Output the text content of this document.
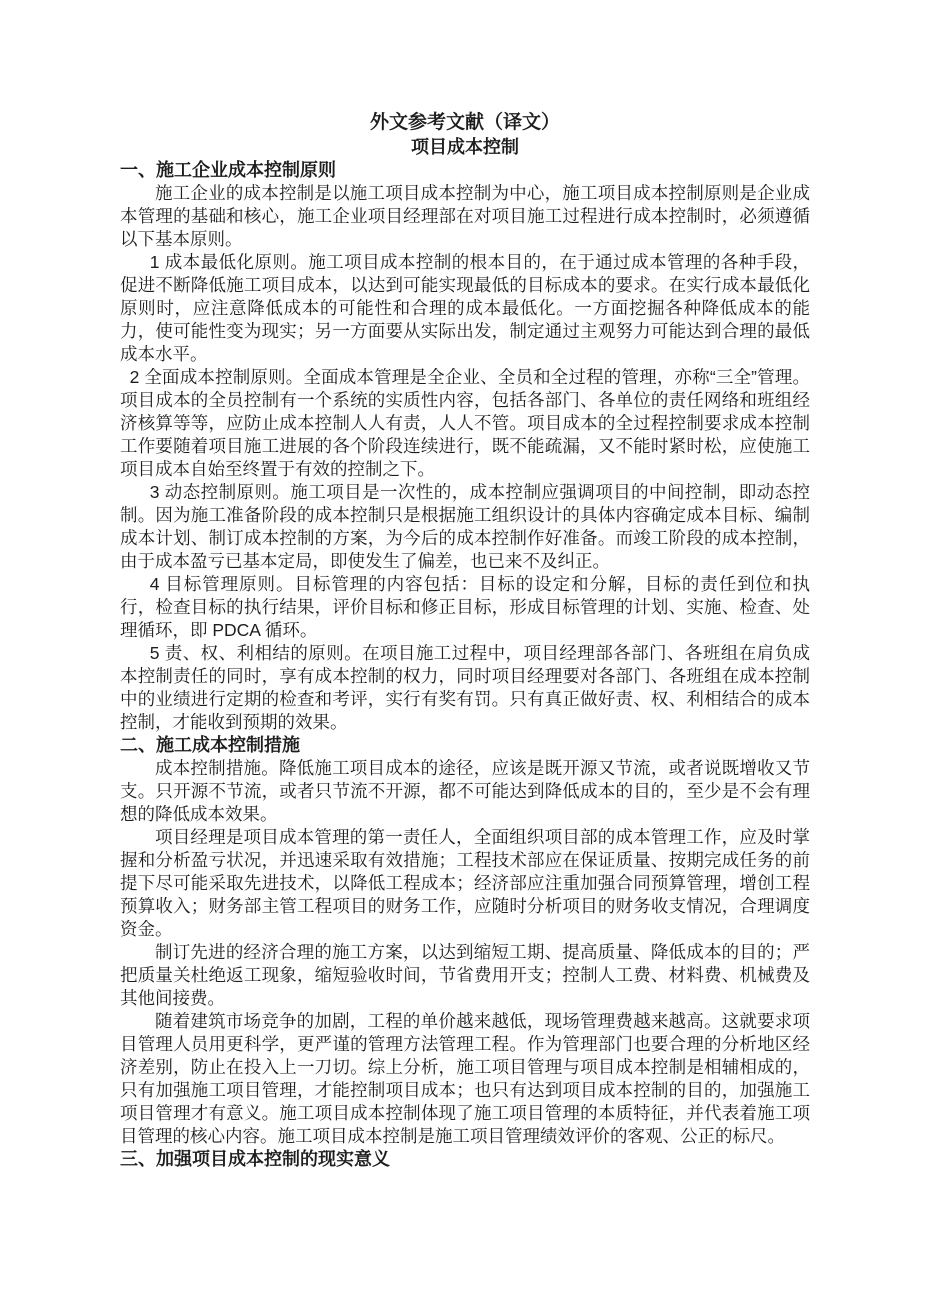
外文参考文献（译文）
项目成本控制
一、施工企业成本控制原则

施工企业的成本控制是以施工项目成本控制为中心，施工项目成本控制原则是企业成本管理的基础和核心，施工企业项目经理部在对项目施工过程进行成本控制时，必须遵循以下基本原则。

1 成本最低化原则。施工项目成本控制的根本目的，在于通过成本管理的各种手段，促进不断降低施工项目成本，以达到可能实现最低的目标成本的要求。在实行成本最低化原则时，应注意降低成本的可能性和合理的成本最低化。一方面挖掘各种降低成本的能力，使可能性变为现实；另一方面要从实际出发，制定通过主观努力可能达到合理的最低成本水平。

2 全面成本控制原则。全面成本管理是全企业、全员和全过程的管理，亦称“三全”管理。项目成本的全员控制有一个系统的实质性内容，包括各部门、各单位的责任网络和班组经济核算等等，应防止成本控制人人有责，人人不管。项目成本的全过程控制要求成本控制工作要随着项目施工进展的各个阶段连续进行，既不能疏漏，又不能时紧时松，应使施工项目成本自始至终置于有效的控制之下。

3 动态控制原则。施工项目是一次性的，成本控制应强调项目的中间控制，即动态控制。因为施工准备阶段的成本控制只是根据施工组织设计的具体内容确定成本目标、编制成本计划、制订成本控制的方案，为今后的成本控制作好准备。而竣工阶段的成本控制，由于成本盈亏已基本定局，即使发生了偏差，也已来不及纠正。

4 目标管理原则。目标管理的内容包括：目标的设定和分解，目标的责任到位和执行，检查目标的执行结果，评价目标和修正目标，形成目标管理的计划、实施、检查、处理循环，即 PDCA 循环。

5 责、权、利相结的原则。在项目施工过程中，项目经理部各部门、各班组在肩负成本控制责任的同时，享有成本控制的权力，同时项目经理要对各部门、各班组在成本控制中的业绩进行定期的检查和考评，实行有奖有罚。只有真正做好责、权、利相结合的成本控制，才能收到预期的效果。

二、施工成本控制措施

成本控制措施。降低施工项目成本的途径，应该是既开源又节流，或者说既增收又节支。只开源不节流，或者只节流不开源，都不可能达到降低成本的目的，至少是不会有理想的降低成本效果。

项目经理是项目成本管理的第一责任人，全面组织项目部的成本管理工作，应及时掌握和分析盈亏状况，并迅速采取有效措施；工程技术部应在保证质量、按期完成任务的前提下尽可能采取先进技术，以降低工程成本；经济部应注重加强合同预算管理，增创工程预算收入；财务部主管工程项目的财务工作，应随时分析项目的财务收支情况，合理调度资金。

制订先进的经济合理的施工方案，以达到缩短工期、提高质量、降低成本的目的；严把质量关杜绝返工现象，缩短验收时间，节省费用开支；控制人工费、材料费、机械费及其他间接费。

随着建筑市场竞争的加剧，工程的单价越来越低，现场管理费越来越高。这就要求项目管理人员用更科学，更严谨的管理方法管理工程。作为管理部门也要合理的分析地区经济差别，防止在投入上一刀切。综上分析，施工项目管理与项目成本控制是相辅相成的，只有加强施工项目管理，才能控制项目成本；也只有达到项目成本控制的目的，加强施工项目管理才有意义。施工项目成本控制体现了施工项目管理的本质特征，并代表着施工项目管理的核心内容。施工项目成本控制是施工项目管理绩效评价的客观、公正的标尺。

三、加强项目成本控制的现实意义
